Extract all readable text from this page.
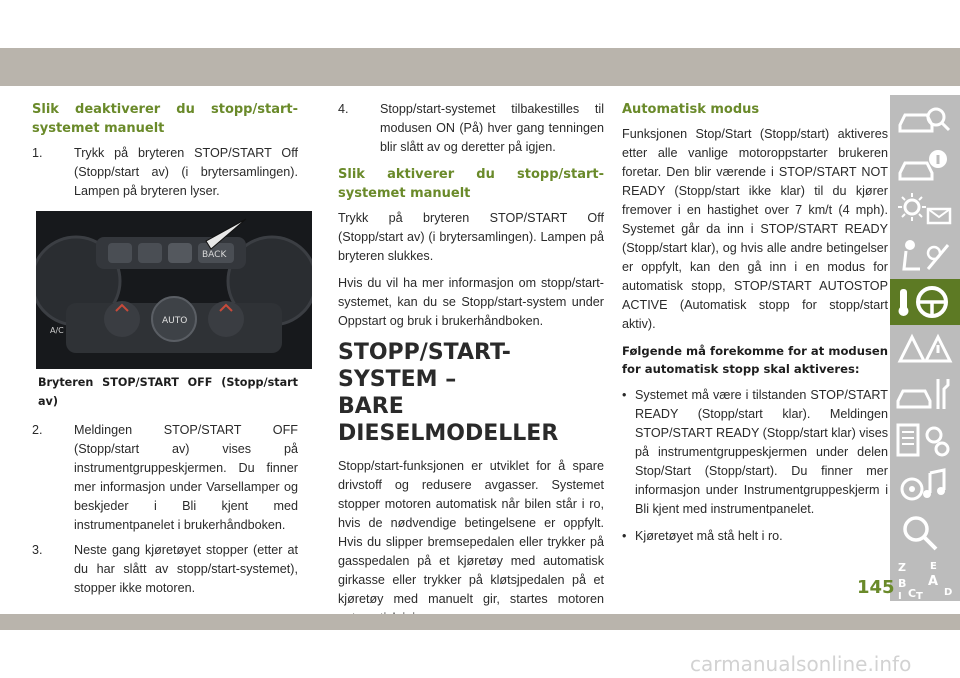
Slik deaktiverer du stopp/start-systemet manuelt
1.	Trykk på bryteren STOP/START Off (Stopp/start av) (i brytersamlingen). Lampen på bryteren lyser.
BACK
AUTO
A/C
Bryteren STOP/START OFF (Stopp/start av)
2.	Meldingen STOP/START OFF (Stopp/start av) vises på instrumentgruppeskjermen. Du finner mer informasjon under Varsellamper og beskjeder i Bli kjent med instrumentpanelet i brukerhåndboken.
3.	Neste gang kjøretøyet stopper (etter at du har slått av stopp/start-systemet), stopper ikke motoren.
4.	Stopp/start-systemet tilbakestilles til modusen ON (På) hver gang tenningen blir slått av og deretter på igjen.
Slik aktiverer du stopp/start-systemet manuelt
Trykk på bryteren STOP/START Off (Stopp/start av) (i brytersamlingen). Lampen på bryteren slukkes.
Hvis du vil ha mer informasjon om stopp/start-systemet, kan du se Stopp/start-system under Oppstart og bruk i brukerhåndboken.
STOPP/START-SYSTEM –
BARE DIESELMODELLER
Stopp/start-funksjonen er utviklet for å spare drivstoff og redusere avgasser. Systemet stopper motoren automatisk når bilen står i ro, hvis de nødvendige betingelsene er oppfylt. Hvis du slipper bremsepedalen eller trykker på gasspedalen på et kjøretøy med automatisk girkasse eller trykker på kløtsjpedalen på et kjøretøy med manuelt gir, startes motoren
Automatisk modus
Funksjonen Stop/Start (Stopp/start) aktiveres etter alle vanlige motoroppstarter brukeren foretar. Den blir værende i STOP/START NOT READY (Stopp/start ikke klar) til du kjører fremover i en hastighet over 7 km/t (4 mph). Systemet går da inn i STOP/START READY (Stopp/start klar), og hvis alle andre betingelser er oppfylt, kan den gå inn i en modus for automatisk stopp, STOP/START AUTOSTOP ACTIVE (Automatisk stopp for stopp/start aktiv).
Følgende må forekomme for at modusen for automatisk stopp skal aktiveres:
• Systemet må være i tilstanden STOP/START READY (Stopp/start klar). Meldingen STOP/START READY (Stopp/start klar) vises på instrumentgruppeskjermen under delen Stop/Start (Stopp/start). Du finner mer informasjon under Instrumentgruppeskjerm i Bli kjent med instrumentpanelet.
• Kjøretøyet må stå helt i ro.
Z
B
E
A
C
I T D
145
carmanualsonline.info
